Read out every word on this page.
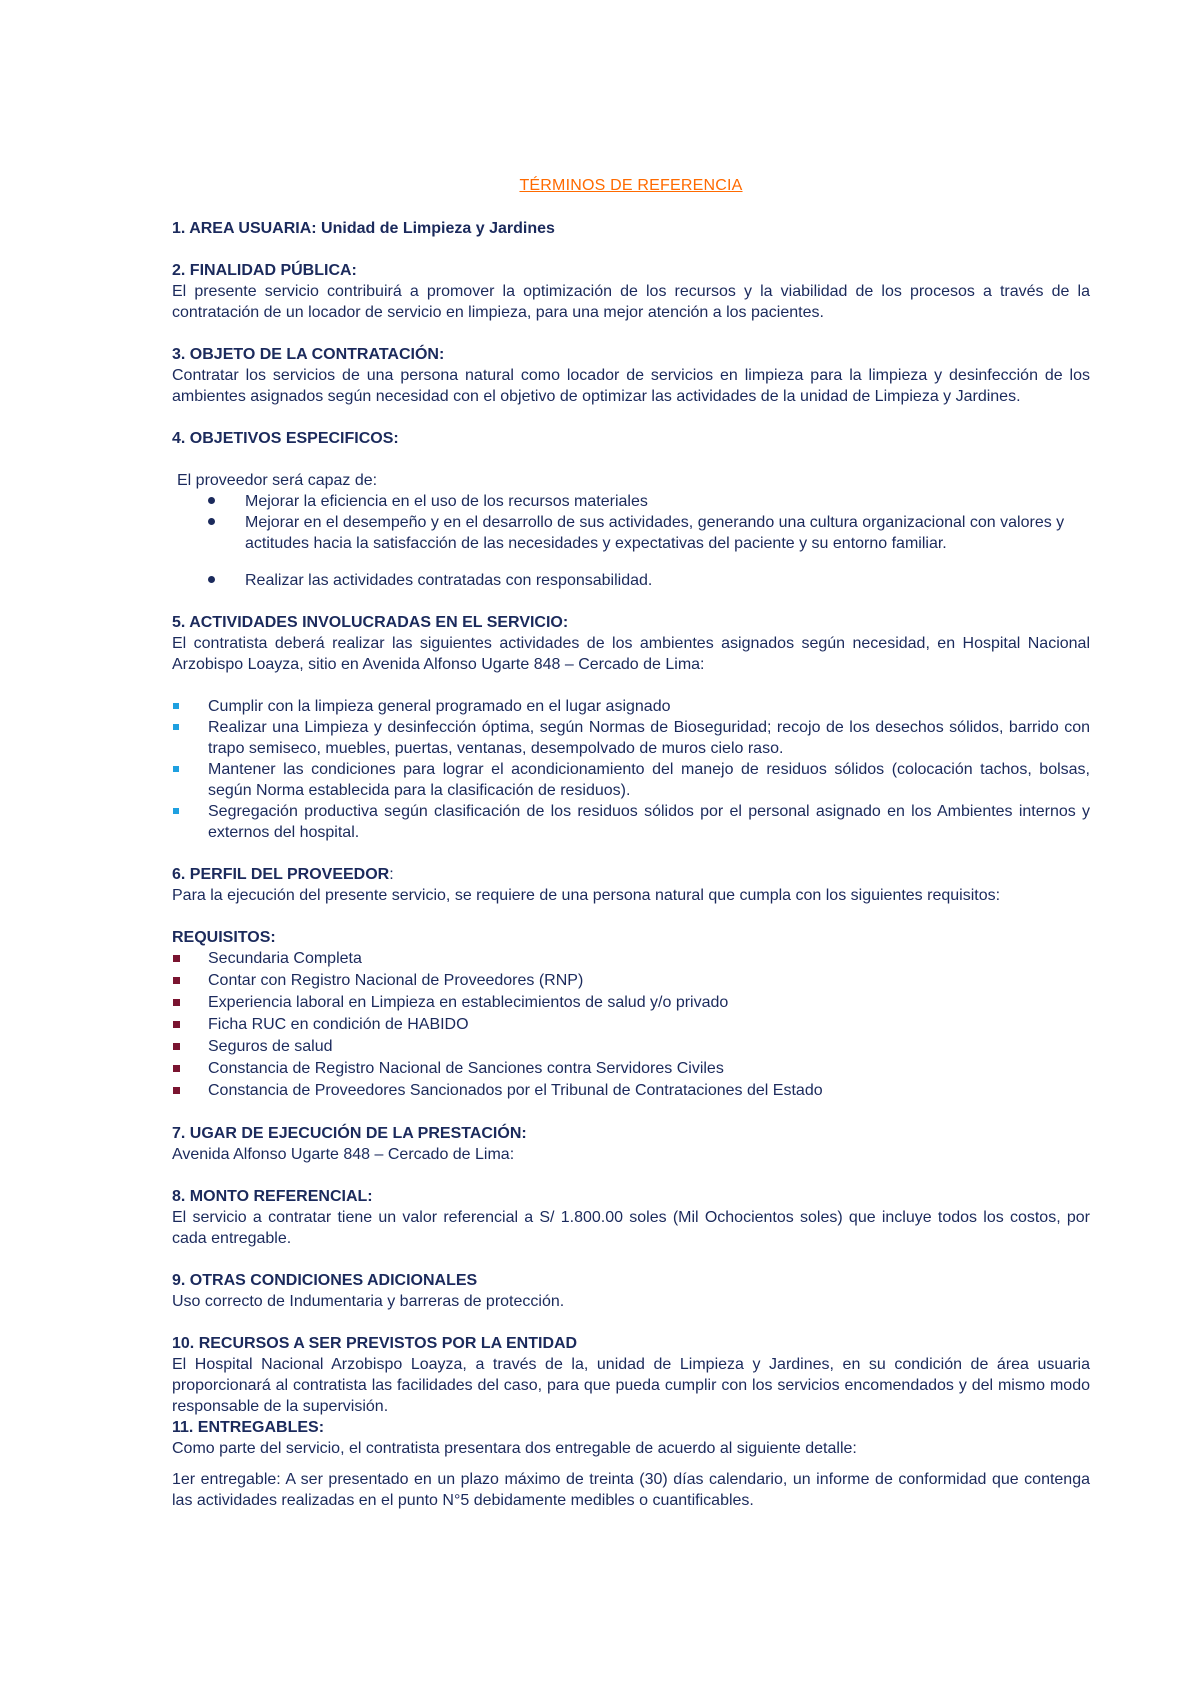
TÉRMINOS DE REFERENCIA
1. AREA USUARIA: Unidad de Limpieza y Jardines
2. FINALIDAD PÚBLICA:

El presente servicio contribuirá a promover la optimización de los recursos y la viabilidad de los procesos a través de la contratación de un locador de servicio en limpieza, para una mejor atención a los pacientes.

3. OBJETO DE LA CONTRATACIÓN:

Contratar los servicios de una persona natural como locador de servicios en limpieza para la limpieza y desinfección de los ambientes asignados según necesidad con el objetivo de optimizar las actividades de la unidad de Limpieza y Jardines.

4. OBJETIVOS ESPECIFICOS:

El proveedor será capaz de:

Mejorar la eficiencia en el uso de los recursos materiales
Mejorar en el desempeño y en el desarrollo de sus actividades, generando una cultura organizacional con valores y actitudes hacia la satisfacción de las necesidades y expectativas del paciente y su entorno familiar.
Realizar las actividades contratadas con responsabilidad.
5. ACTIVIDADES INVOLUCRADAS EN EL SERVICIO:

El contratista deberá realizar las siguientes actividades de los ambientes asignados según necesidad, en Hospital Nacional Arzobispo Loayza, sitio en Avenida Alfonso Ugarte 848 – Cercado de Lima:

Cumplir con la limpieza general programado en el lugar asignado
Realizar una Limpieza y desinfección óptima, según Normas de Bioseguridad; recojo de los desechos sólidos, barrido con trapo semiseco, muebles, puertas, ventanas, desempolvado de muros cielo raso.
Mantener las condiciones para lograr el acondicionamiento del manejo de residuos sólidos (colocación tachos, bolsas, según Norma establecida para la clasificación de residuos).
Segregación productiva según clasificación de los residuos sólidos por el personal asignado en los Ambientes internos y externos del hospital.
6. PERFIL DEL PROVEEDOR:

Para la ejecución del presente servicio, se requiere de una persona natural que cumpla con los siguientes requisitos:

REQUISITOS:
Secundaria Completa
Contar con Registro Nacional de Proveedores (RNP)
Experiencia laboral en Limpieza en establecimientos de salud y/o privado
Ficha RUC en condición de HABIDO
Seguros de salud
Constancia de Registro Nacional de Sanciones contra Servidores Civiles
Constancia de Proveedores Sancionados por el Tribunal de Contrataciones del Estado
7. UGAR DE EJECUCIÓN DE LA PRESTACIÓN:

Avenida Alfonso Ugarte 848 – Cercado de Lima:

8. MONTO REFERENCIAL:

El servicio a contratar tiene un valor referencial a S/ 1.800.00 soles (Mil Ochocientos soles) que incluye todos los costos, por cada entregable.

9. OTRAS CONDICIONES ADICIONALES

Uso correcto de Indumentaria y barreras de protección.

10. RECURSOS A SER PREVISTOS POR LA ENTIDAD

El Hospital Nacional Arzobispo Loayza, a través de la, unidad de Limpieza y Jardines, en su condición de área usuaria proporcionará al contratista las facilidades del caso, para que pueda cumplir con los servicios encomendados y del mismo modo responsable de la supervisión.

11. ENTREGABLES:

Como parte del servicio, el contratista presentara dos entregable de acuerdo al siguiente detalle:

1er entregable: A ser presentado en un plazo máximo de treinta (30) días calendario, un informe de conformidad que contenga las actividades realizadas en el punto N°5 debidamente medibles o cuantificables.
